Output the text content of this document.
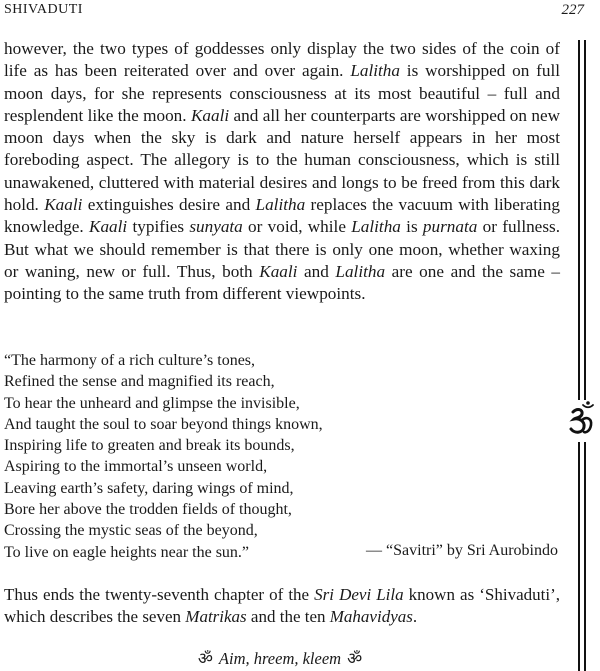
SHIVADUTI	227

however, the two types of goddesses only display the two sides of the coin of life as has been reiterated over and over again. Lalitha is worshipped on full moon days, for she represents consciousness at its most beautiful – full and resplendent like the moon. Kaali and all her counterparts are worshipped on new moon days when the sky is dark and nature herself appears in her most foreboding aspect. The allegory is to the human consciousness, which is still unawakened, cluttered with material desires and longs to be freed from this dark hold. Kaali extinguishes desire and Lalitha replaces the vacuum with liberating knowledge. Kaali typifies sunyata or void, while Lalitha is purnata or fullness. But what we should remember is that there is only one moon, whether waxing or waning, new or full. Thus, both Kaali and Lalitha are one and the same – pointing to the same truth from different viewpoints.

“The harmony of a rich culture’s tones,
Refined the sense and magnified its reach,
To hear the unheard and glimpse the invisible,
And taught the soul to soar beyond things known,
Inspiring life to greaten and break its bounds,
Aspiring to the immortal’s unseen world,
Leaving earth’s safety, daring wings of mind,
Bore her above the trodden fields of thought,
Crossing the mystic seas of the beyond,
To live on eagle heights near the sun.”	— “Savitri” by Sri Aurobindo

Thus ends the twenty-seventh chapter of the Sri Devi Lila known as ‘Shivaduti’, which describes the seven Matrikas and the ten Mahavidyas.

ॐ Aim, hreem, kleem ॐ
